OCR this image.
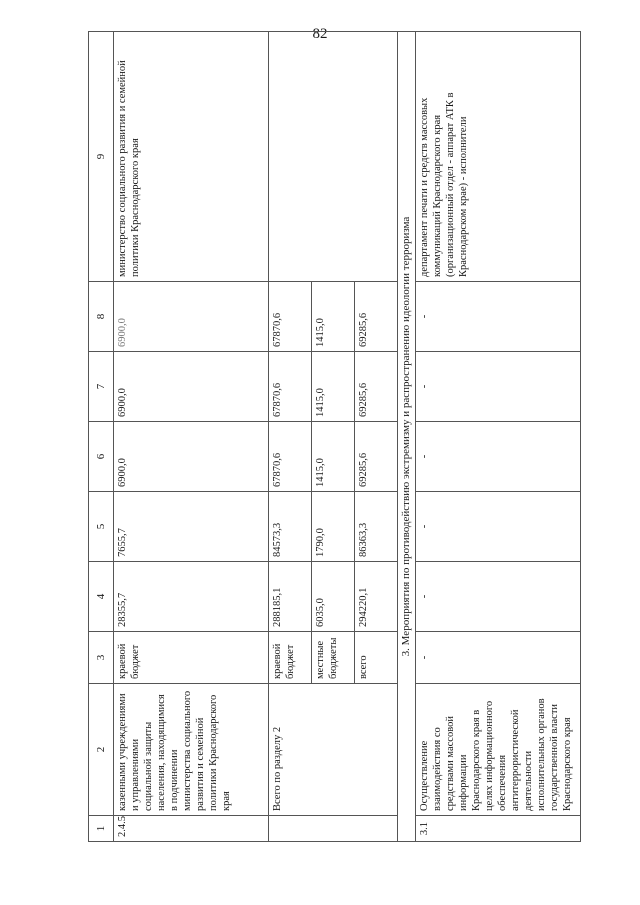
82
1	2	3	4	5	6	7	8	9
2.4.5	казенными учреждениями и управлениями социальной защиты населения, находящимися в подчинении министерства социального развития и семейной политики Краснодарского края	краевой бюджет	28355,7	7655,7	6900,0	6900,0	6900,0	министерство социального развития и семейной политики Краснодарского края
	Всего по разделу 2	краевой бюджет	288185,1	84573,3	67870,6	67870,6	67870,6	
		местные бюджеты	6035,0	1790,0	1415,0	1415,0	1415,0	
		всего	294220,1	86363,3	69285,6	69285,6	69285,6	
3. Мероприятия по противодействию экстремизму и распространению идеологии терроризма								
3.1	Осуществление взаимодействия со средствами массовой информации Краснодарского края в целях информационного обеспечения антитеррористической деятельности исполнительных органов государственной власти Краснодарского края	-	-	-	-	-	-	департамент печати и средств массовых коммуникаций Краснодарского края (организационный отдел - аппарат АТК в Краснодарском крае) - исполнители
